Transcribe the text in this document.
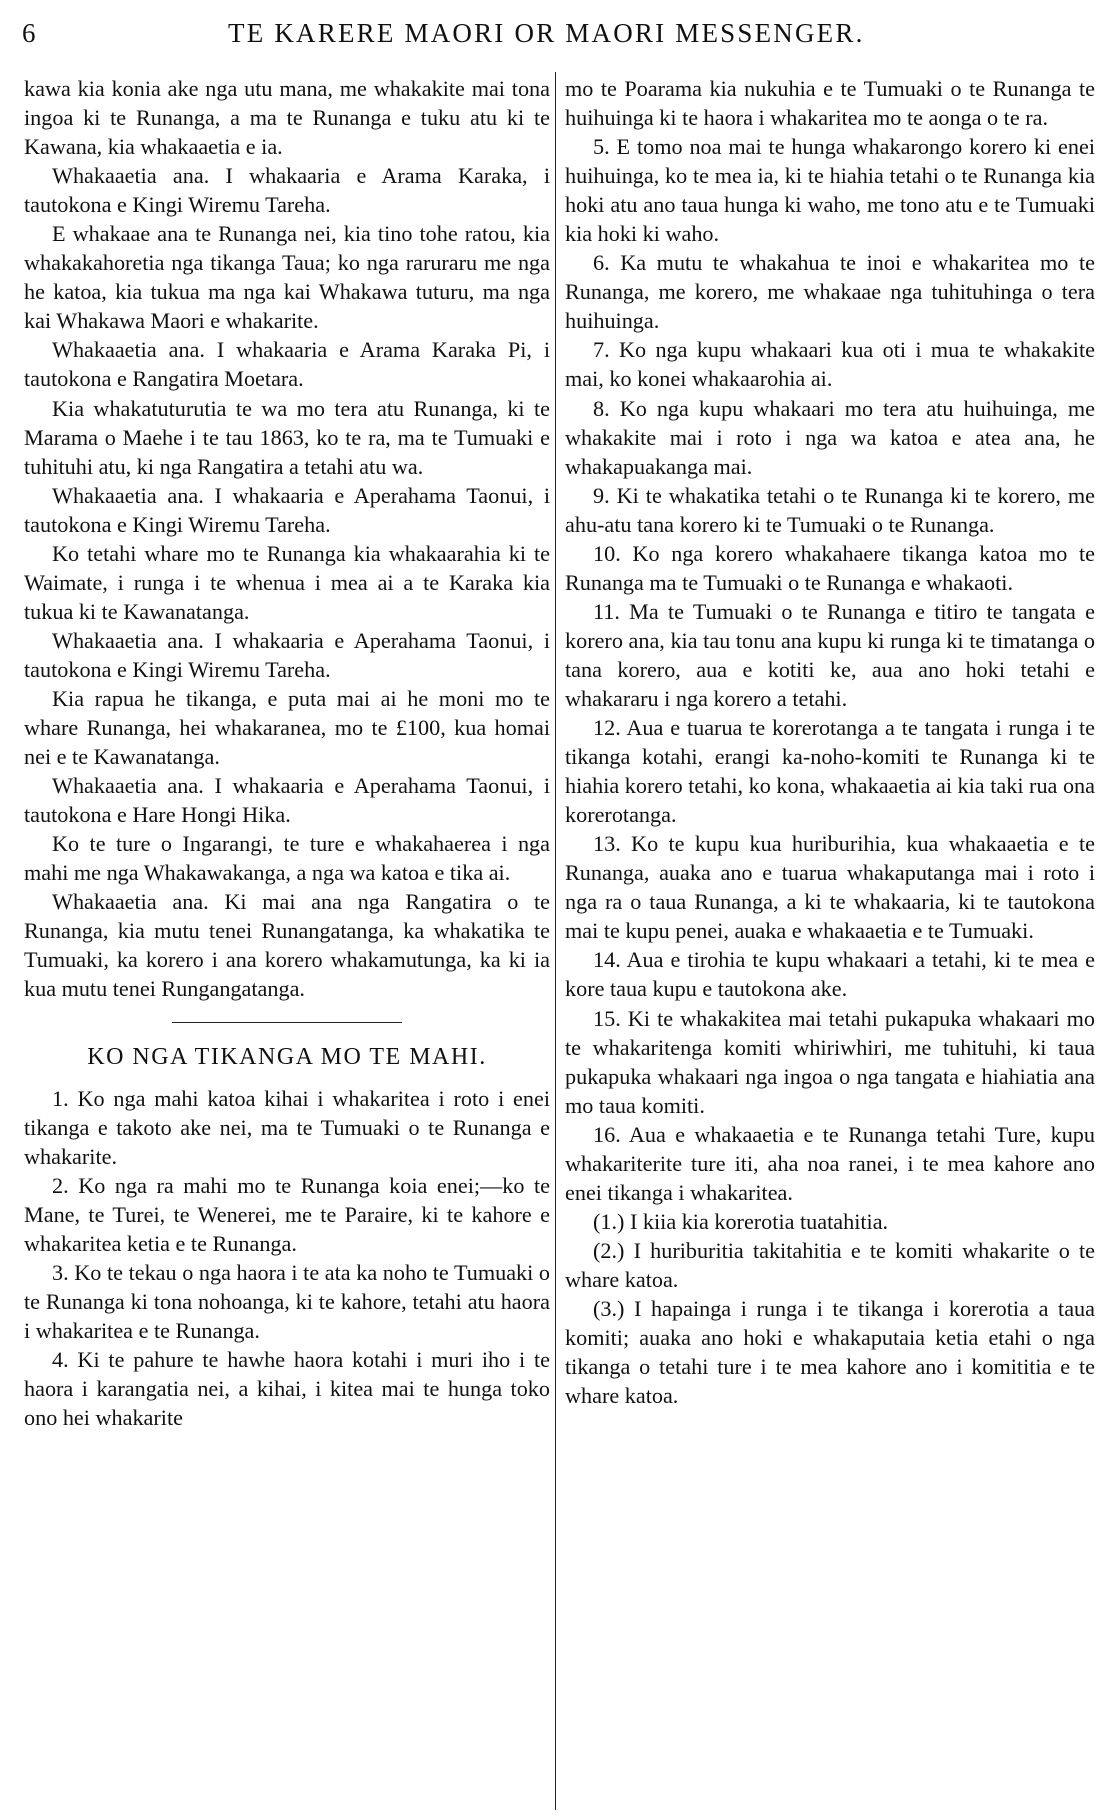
6	TE KARERE MAORI OR MAORI MESSENGER.

kawa kia konia ake nga utu mana, me whakakite mai tona ingoa ki te Runanga, a ma te Runanga e tuku atu ki te Kawana, kia whakaaetia e ia.

Whakaaetia ana. I whakaaria e Arama Karaka, i tautokona e Kingi Wiremu Tareha.

E whakaae ana te Runanga nei, kia tino tohe ratou, kia whakakahoretia nga tikanga Taua; ko nga raruraru me nga he katoa, kia tukua ma nga kai Whakawa tuturu, ma nga kai Whakawa Maori e whakarite.

Whakaaetia ana. I whakaaria e Arama Karaka Pi, i tautokona e Rangatira Moetara.

Kia whakatuturutia te wa mo tera atu Runanga, ki te Marama o Maehe i te tau 1863, ko te ra, ma te Tumuaki e tuhituhi atu, ki nga Rangatira a tetahi atu wa.

Whakaaetia ana. I whakaaria e Aperahama Taonui, i tautokona e Kingi Wiremu Tareha.

Ko tetahi whare mo te Runanga kia whakaarahia ki te Waimate, i runga i te whenua i mea ai a te Karaka kia tukua ki te Kawanatanga.

Whakaaetia ana. I whakaaria e Aperahama Taonui, i tautokona e Kingi Wiremu Tareha.

Kia rapua he tikanga, e puta mai ai he moni mo te whare Runanga, hei whakaranea, mo te £100, kua homai nei e te Kawanatanga.

Whakaaetia ana. I whakaaria e Aperahama Taonui, i tautokona e Hare Hongi Hika.

Ko te ture o Ingarangi, te ture e whakahaerea i nga mahi me nga Whakawakanga, a nga wa katoa e tika ai.

Whakaaetia ana. Ki mai ana nga Rangatira o te Runanga, kia mutu tenei Runangatanga, ka whakatika te Tumuaki, ka korero i ana korero whakamutunga, ka ki ia kua mutu tenei Rungangatanga.

KO NGA TIKANGA MO TE MAHI.

1. Ko nga mahi katoa kihai i whakaritea i roto i enei tikanga e takoto ake nei, ma te Tumuaki o te Runanga e whakarite.

2. Ko nga ra mahi mo te Runanga koia enei;—ko te Mane, te Turei, te Wenerei, me te Paraire, ki te kahore e whakaritea ketia e te Runanga.

3. Ko te tekau o nga haora i te ata ka noho te Tumuaki o te Runanga ki tona nohoanga, ki te kahore, tetahi atu haora i whakaritea e te Runanga.

4. Ki te pahure te hawhe haora kotahi i muri iho i te haora i karangatia nei, a kihai, i kitea mai te hunga toko ono hei whakarite

mo te Poarama kia nukuhia e te Tumuaki o te Runanga te huihuinga ki te haora i whakaritea mo te aonga o te ra.

5. E tomo noa mai te hunga whakarongo korero ki enei huihuinga, ko te mea ia, ki te hiahia tetahi o te Runanga kia hoki atu ano taua hunga ki waho, me tono atu e te Tumuaki kia hoki ki waho.

6. Ka mutu te whakahua te inoi e whakaritea mo te Runanga, me korero, me whakaae nga tuhituhinga o tera huihuinga.

7. Ko nga kupu whakaari kua oti i mua te whakakite mai, ko konei whakaarohia ai.

8. Ko nga kupu whakaari mo tera atu huihuinga, me whakakite mai i roto i nga wa katoa e atea ana, he whakapuakanga mai.

9. Ki te whakatika tetahi o te Runanga ki te korero, me ahu-atu tana korero ki te Tumuaki o te Runanga.

10. Ko nga korero whakahaere tikanga katoa mo te Runanga ma te Tumuaki o te Runanga e whakaoti.

11. Ma te Tumuaki o te Runanga e titiro te tangata e korero ana, kia tau tonu ana kupu ki runga ki te timatanga o tana korero, aua e kotiti ke, aua ano hoki tetahi e whakararu i nga korero a tetahi.

12. Aua e tuarua te korerotanga a te tangata i runga i te tikanga kotahi, erangi ka-noho-komiti te Runanga ki te hiahia korero tetahi, ko kona, whakaaetia ai kia taki rua ona korerotanga.

13. Ko te kupu kua huriburihia, kua whakaaetia e te Runanga, auaka ano e tuarua whakaputanga mai i roto i nga ra o taua Runanga, a ki te whakaaria, ki te tautokona mai te kupu penei, auaka e whakaaetia e te Tumuaki.

14. Aua e tirohia te kupu whakaari a tetahi, ki te mea e kore taua kupu e tautokona ake.

15. Ki te whakakitea mai tetahi pukapuka whakaari mo te whakaritenga komiti whiriwhiri, me tuhituhi, ki taua pukapuka whakaari nga ingoa o nga tangata e hiahiatia ana mo taua komiti.

16. Aua e whakaaetia e te Runanga tetahi Ture, kupu whakariterite ture iti, aha noa ranei, i te mea kahore ano enei tikanga i whakaritea.

(1.) I kiia kia korerotia tuatahitia.

(2.) I huriburitia takitahitia e te komiti whakarite o te whare katoa.

(3.) I hapainga i runga i te tikanga i korerotia a taua komiti; auaka ano hoki e whakaputaia ketia etahi o nga tikanga o tetahi ture i te mea kahore ano i komititia e te whare katoa.
